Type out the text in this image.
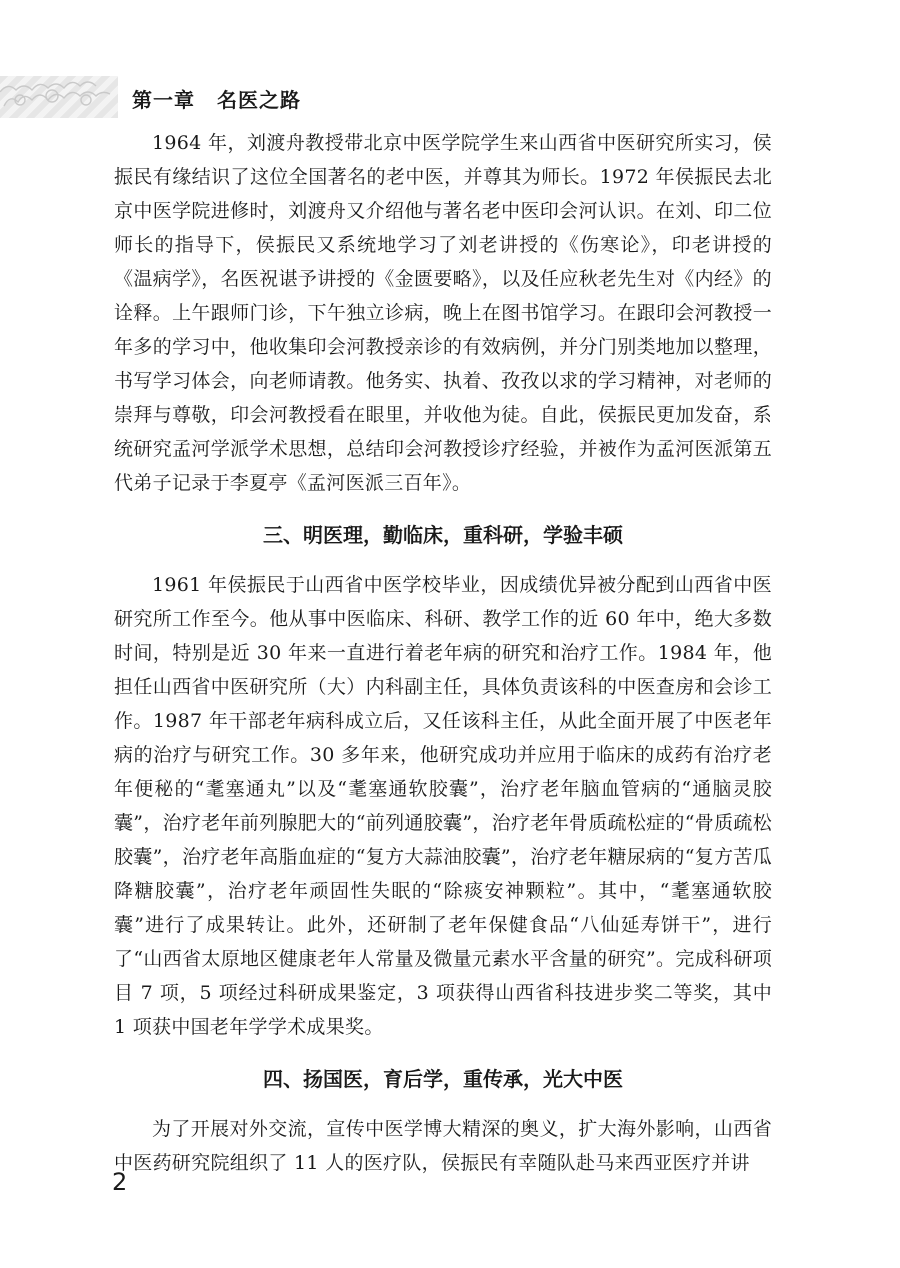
第一章 名医之路

1964 年，刘渡舟教授带北京中医学院学生来山西省中医研究所实习，侯振民有缘结识了这位全国著名的老中医，并尊其为师长。1972 年侯振民去北京中医学院进修时，刘渡舟又介绍他与著名老中医印会河认识。在刘、印二位师长的指导下，侯振民又系统地学习了刘老讲授的《伤寒论》，印老讲授的《温病学》，名医祝谌予讲授的《金匮要略》，以及任应秋老先生对《内经》的诠释。上午跟师门诊，下午独立诊病，晚上在图书馆学习。在跟印会河教授一年多的学习中，他收集印会河教授亲诊的有效病例，并分门别类地加以整理，书写学习体会，向老师请教。他务实、执着、孜孜以求的学习精神，对老师的崇拜与尊敬，印会河教授看在眼里，并收他为徒。自此，侯振民更加发奋，系统研究孟河学派学术思想，总结印会河教授诊疗经验，并被作为孟河医派第五代弟子记录于李夏亭《孟河医派三百年》。

三、明医理，勤临床，重科研，学验丰硕

1961 年侯振民于山西省中医学校毕业，因成绩优异被分配到山西省中医研究所工作至今。他从事中医临床、科研、教学工作的近 60 年中，绝大多数时间，特别是近 30 年来一直进行着老年病的研究和治疗工作。1984 年，他担任山西省中医研究所（大）内科副主任，具体负责该科的中医查房和会诊工作。1987 年干部老年病科成立后，又任该科主任，从此全面开展了中医老年病的治疗与研究工作。30 多年来，他研究成功并应用于临床的成药有治疗老年便秘的“耄塞通丸”以及“耄塞通软胶囊”，治疗老年脑血管病的“通脑灵胶囊”，治疗老年前列腺肥大的“前列通胶囊”，治疗老年骨质疏松症的“骨质疏松胶囊”，治疗老年高脂血症的“复方大蒜油胶囊”，治疗老年糖尿病的“复方苦瓜降糖胶囊”，治疗老年顽固性失眠的“除痰安神颗粒”。其中，“耄塞通软胶囊”进行了成果转让。此外，还研制了老年保健食品“八仙延寿饼干”，进行了“山西省太原地区健康老年人常量及微量元素水平含量的研究”。完成科研项目 7 项，5 项经过科研成果鉴定，3 项获得山西省科技进步奖二等奖，其中 1 项获中国老年学学术成果奖。

四、扬国医，育后学，重传承，光大中医

为了开展对外交流，宣传中医学博大精深的奥义，扩大海外影响，山西省中医药研究院组织了 11 人的医疗队，侯振民有幸随队赴马来西亚医疗并讲

2
